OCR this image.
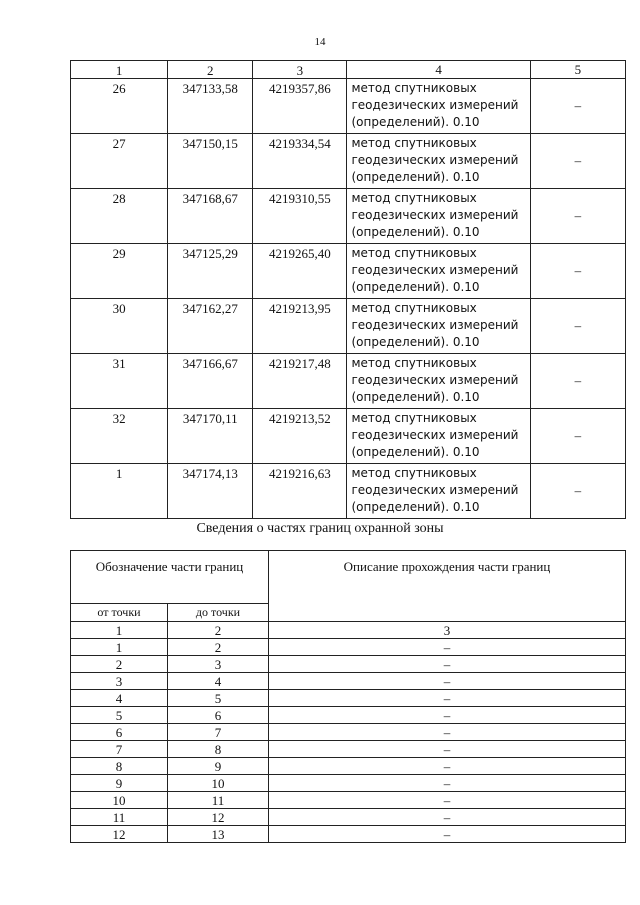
14
1	2	3	4	5
26	347133,58	4219357,86	метод спутниковых
геодезических измерений
(определений). 0.10	–
27	347150,15	4219334,54	метод спутниковых
геодезических измерений
(определений). 0.10	–
28	347168,67	4219310,55	метод спутниковых
геодезических измерений
(определений). 0.10	–
29	347125,29	4219265,40	метод спутниковых
геодезических измерений
(определений). 0.10	–
30	347162,27	4219213,95	метод спутниковых
геодезических измерений
(определений). 0.10	–
31	347166,67	4219217,48	метод спутниковых
геодезических измерений
(определений). 0.10	–
32	347170,11	4219213,52	метод спутниковых
геодезических измерений
(определений). 0.10	–
1	347174,13	4219216,63	метод спутниковых
геодезических измерений
(определений). 0.10	–
Сведения о частях границ охранной зоны
Обозначение части границ		Описание прохождения части границ
от точки	до точки	
1	2	3
1	2	–
2	3	–
3	4	–
4	5	–
5	6	–
6	7	–
7	8	–
8	9	–
9	10	–
10	11	–
11	12	–
12	13	–
